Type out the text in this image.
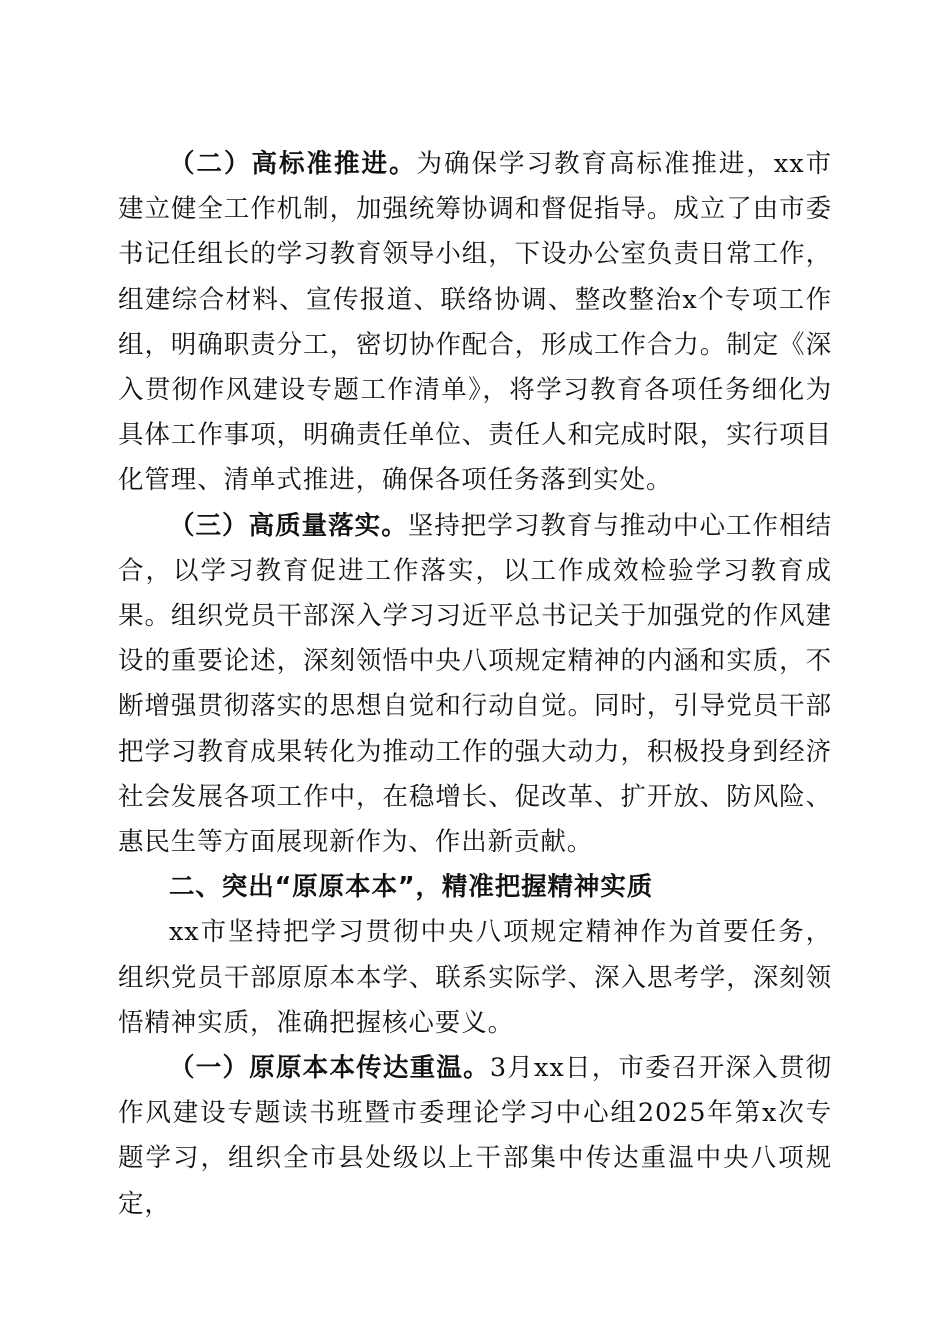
（二）高标准推进。为确保学习教育高标准推进，xx市建立健全工作机制，加强统筹协调和督促指导。成立了由市委书记任组长的学习教育领导小组，下设办公室负责日常工作，组建综合材料、宣传报道、联络协调、整改整治x个专项工作组，明确职责分工，密切协作配合，形成工作合力。制定《深入贯彻作风建设专题工作清单》，将学习教育各项任务细化为具体工作事项，明确责任单位、责任人和完成时限，实行项目化管理、清单式推进，确保各项任务落到实处。

（三）高质量落实。坚持把学习教育与推动中心工作相结合，以学习教育促进工作落实，以工作成效检验学习教育成果。组织党员干部深入学习习近平总书记关于加强党的作风建设的重要论述，深刻领悟中央八项规定精神的内涵和实质，不断增强贯彻落实的思想自觉和行动自觉。同时，引导党员干部把学习教育成果转化为推动工作的强大动力，积极投身到经济社会发展各项工作中，在稳增长、促改革、扩开放、防风险、惠民生等方面展现新作为、作出新贡献。

二、突出“原原本本”，精准把握精神实质

xx市坚持把学习贯彻中央八项规定精神作为首要任务，组织党员干部原原本本学、联系实际学、深入思考学，深刻领悟精神实质，准确把握核心要义。

（一）原原本本传达重温。3月xx日，市委召开深入贯彻作风建设专题读书班暨市委理论学习中心组2025年第x次专题学习，组织全市县处级以上干部集中传达重温中央八项规定，
